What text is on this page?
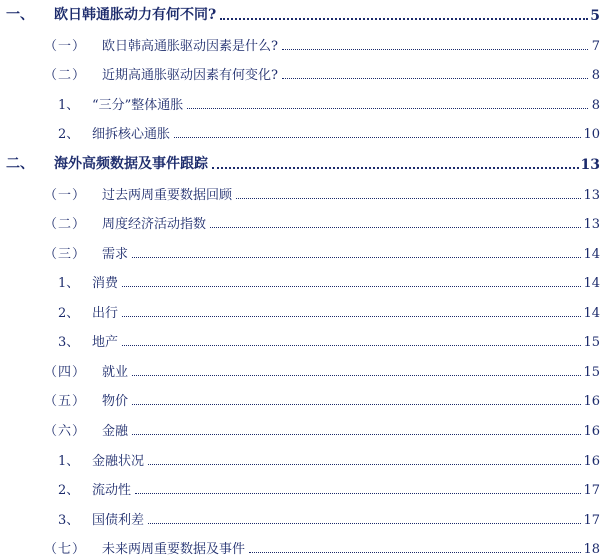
一、	欧日韩通胀动力有何不同?	5
（一）	欧日韩高通胀驱动因素是什么?	7
（二）	近期高通胀驱动因素有何变化?	8
1、 “三分”整体通胀	8
2、 细拆核心通胀	10
二、	海外高频数据及事件跟踪	13
（一）	过去两周重要数据回顾	13
（二）	周度经济活动指数	13
（三）	需求	14
1、 消费	14
2、 出行	14
3、 地产	15
（四）	就业	15
（五）	物价	16
（六）	金融	16
1、 金融状况	16
2、 流动性	17
3、 国债利差	17
（七）	未来两周重要数据及事件	18
